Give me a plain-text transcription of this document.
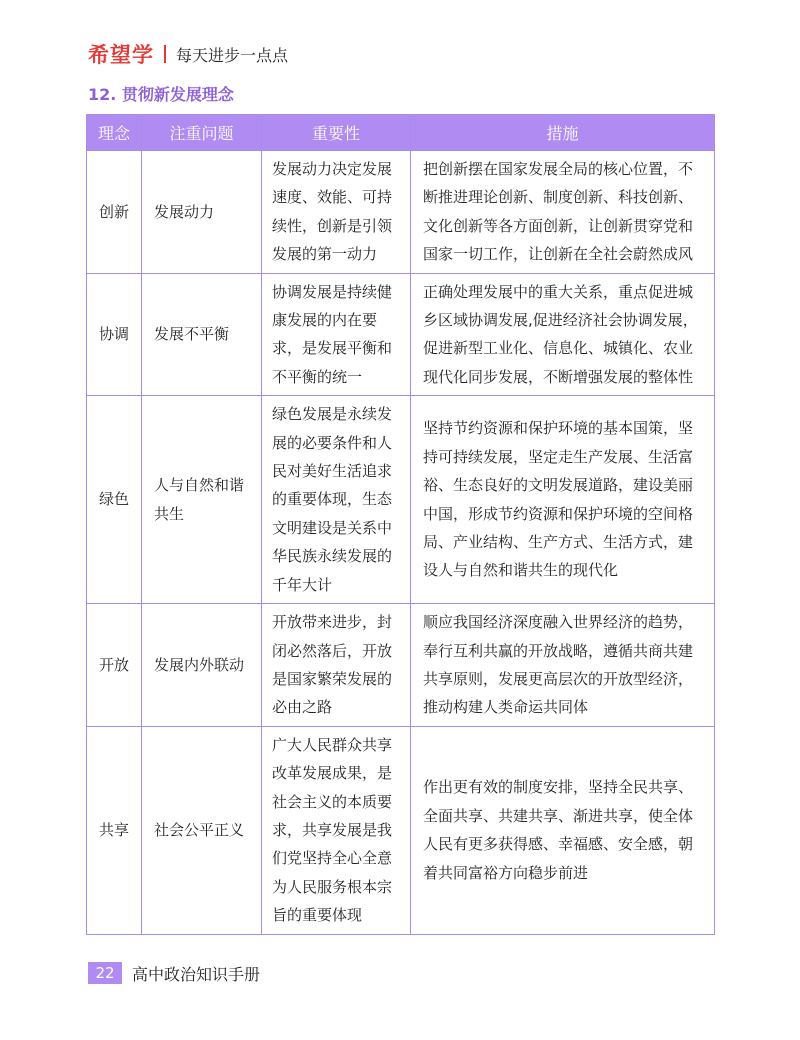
希望学 每天进步一点点
12. 贯彻新发展理念
理念	注重问题	重要性	措施
创新	发展动力	发展动力决定发展速度、效能、可持续性，创新是引领发展的第一动力	把创新摆在国家发展全局的核心位置，不断推进理论创新、制度创新、科技创新、文化创新等各方面创新，让创新贯穿党和国家一切工作，让创新在全社会蔚然成风
协调	发展不平衡	协调发展是持续健康发展的内在要求，是发展平衡和不平衡的统一	正确处理发展中的重大关系，重点促进城乡区域协调发展,促进经济社会协调发展，促进新型工业化、信息化、城镇化、农业现代化同步发展，不断增强发展的整体性
绿色	人与自然和谐共生	绿色发展是永续发展的必要条件和人民对美好生活追求的重要体现，生态文明建设是关系中华民族永续发展的千年大计	坚持节约资源和保护环境的基本国策，坚持可持续发展，坚定走生产发展、生活富裕、生态良好的文明发展道路，建设美丽中国，形成节约资源和保护环境的空间格局、产业结构、生产方式、生活方式，建设人与自然和谐共生的现代化
开放	发展内外联动	开放带来进步，封闭必然落后，开放是国家繁荣发展的必由之路	顺应我国经济深度融入世界经济的趋势，奉行互利共赢的开放战略，遵循共商共建共享原则，发展更高层次的开放型经济，推动构建人类命运共同体
共享	社会公平正义	广大人民群众共享改革发展成果，是社会主义的本质要求，共享发展是我们党坚持全心全意为人民服务根本宗旨的重要体现	作出更有效的制度安排，坚持全民共享、全面共享、共建共享、渐进共享，使全体人民有更多获得感、幸福感、安全感，朝着共同富裕方向稳步前进
22	高中政治知识手册
